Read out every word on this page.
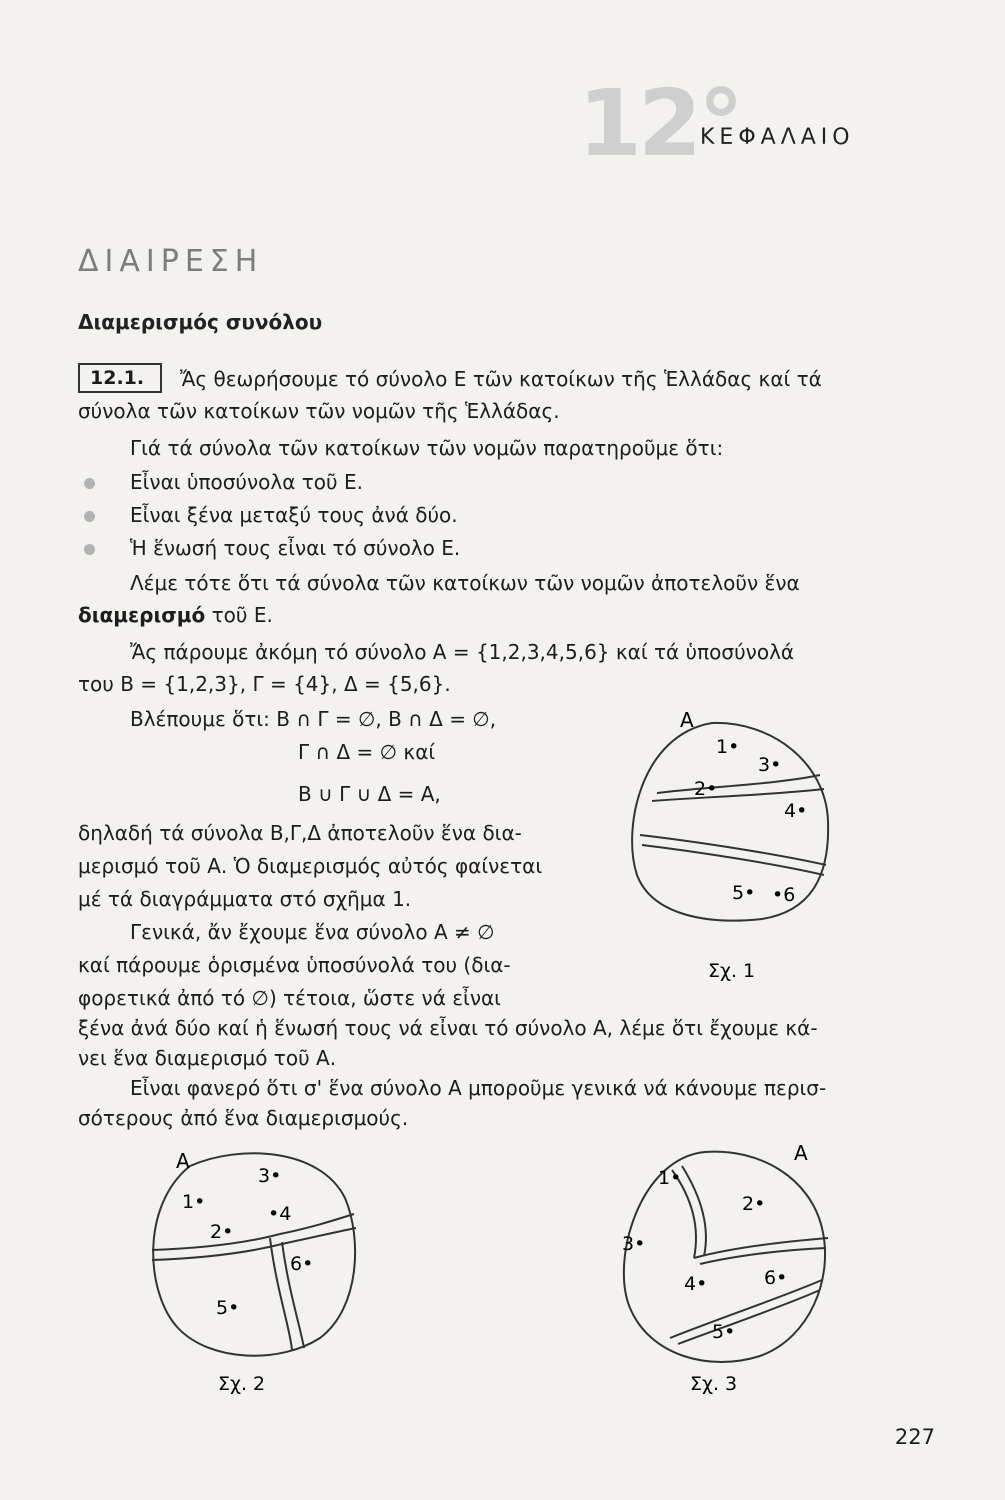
12°
ΚΕΦΑΛΑΙΟ
ΔΙΑΙΡΕΣΗ
Διαμερισμός συνόλου
12.1.	Ἄς θεωρήσουμε τό σύνολο Ε τῶν κατοίκων τῆς Ἑλλάδας καί τά
σύνολα τῶν κατοίκων τῶν νομῶν τῆς Ἑλλάδας.
Γιά τά σύνολα τῶν κατοίκων τῶν νομῶν παρατηροῦμε ὅτι:
Εἶναι ὑποσύνολα τοῦ Ε.
Εἶναι ξένα μεταξύ τους ἀνά δύο.
Ἡ ἕνωσή τους εἶναι τό σύνολο Ε.
Λέμε τότε ὅτι τά σύνολα τῶν κατοίκων τῶν νομῶν ἀποτελοῦν ἕνα
διαμερισμό τοῦ Ε.
Ἄς πάρουμε ἀκόμη τό σύνολο Α = {1,2,3,4,5,6} καί τά ὑποσύνολά
του Β = {1,2,3}, Γ = {4}, Δ = {5,6}.
Βλέπουμε ὅτι: Β ∩ Γ = ∅, Β ∩ Δ = ∅,
Γ ∩ Δ = ∅ καί
Β ∪ Γ ∪ Δ = Α,
δηλαδή τά σύνολα Β,Γ,Δ ἀποτελοῦν ἕνα δια-
μερισμό τοῦ Α. Ὁ διαμερισμός αὐτός φαίνεται
μέ τά διαγράμματα στό σχῆμα 1.
Γενικά, ἄν ἔχουμε ἕνα σύνολο Α ≠ ∅
καί πάρουμε ὁρισμένα ὑποσύνολά του (δια-
φορετικά ἀπό τό ∅) τέτοια, ὥστε νά εἶναι
ξένα ἀνά δύο καί ἡ ἕνωσή τους νά εἶναι τό σύνολο Α, λέμε ὅτι ἔχουμε κά-
νει ἕνα διαμερισμό τοῦ Α.
Εἶναι φανερό ὅτι σ' ἕνα σύνολο Α μποροῦμε γενικά νά κάνουμε περισ-
σότερους ἀπό ἕνα διαμερισμούς.
Α
1•
2•
3•
4•
5• •6
Σχ. 1
Α
1•
2•
3•
•4
6•
5•
Σχ. 2
Α
1•
2•
3•
4•	6•
5•
Σχ. 3
227
